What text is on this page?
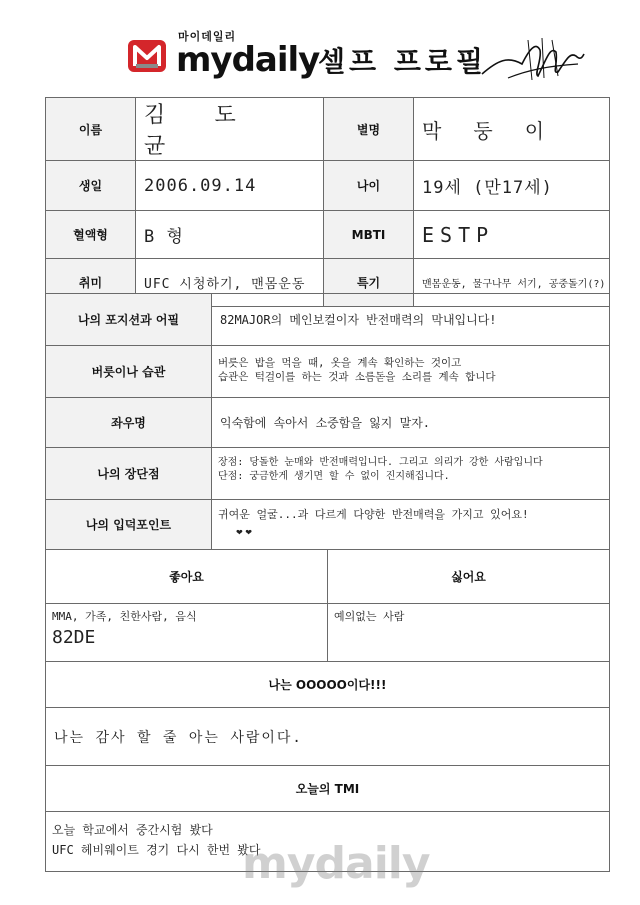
마이데일리
mydaily
셀프 프로필
이름	김 도 균	별명	막 둥 이
생일	2006.09.14	나이	19세 (만17세)
혈액형	B 형	MBTI	ESTP
취미	UFC 시청하기, 맨몸운동	특기	맨몸운동, 물구나무 서기, 공중돌기(?)
나의 포지션과 어필	82MAJOR의 메인보컬이자 반전매력의 막내입니다!
버릇이나 습관	버릇은 밥을 먹을 때, 옷을 계속 확인하는 것이고
습관은 턱걸이를 하는 것과 소름돋을 소리를 계속 합니다

좌우명	익숙함에 속아서 소중함을 잃지 말자.
나의 장단점	장점: 당돌한 눈매와 반전매력입니다. 그리고 의리가 강한 사람입니다
단점: 궁금한게 생기면 할 수 없이 진지해집니다.

나의 입덕포인트	귀여운 얼굴...과 다르게 다양한 반전매력을 가지고 있어요!
좋아요	싫어요

MMA, 가족, 친한사람, 음식
82DE	예의없는 사람
나는 OOOOO이다!!!
나는 감사 할 줄 아는 사람이다.
오늘의 TMI

오늘 학교에서 중간시험 봤다
UFC 헤비웨이트 경기 다시 한번 봤다
❤ ❤
mydaily
